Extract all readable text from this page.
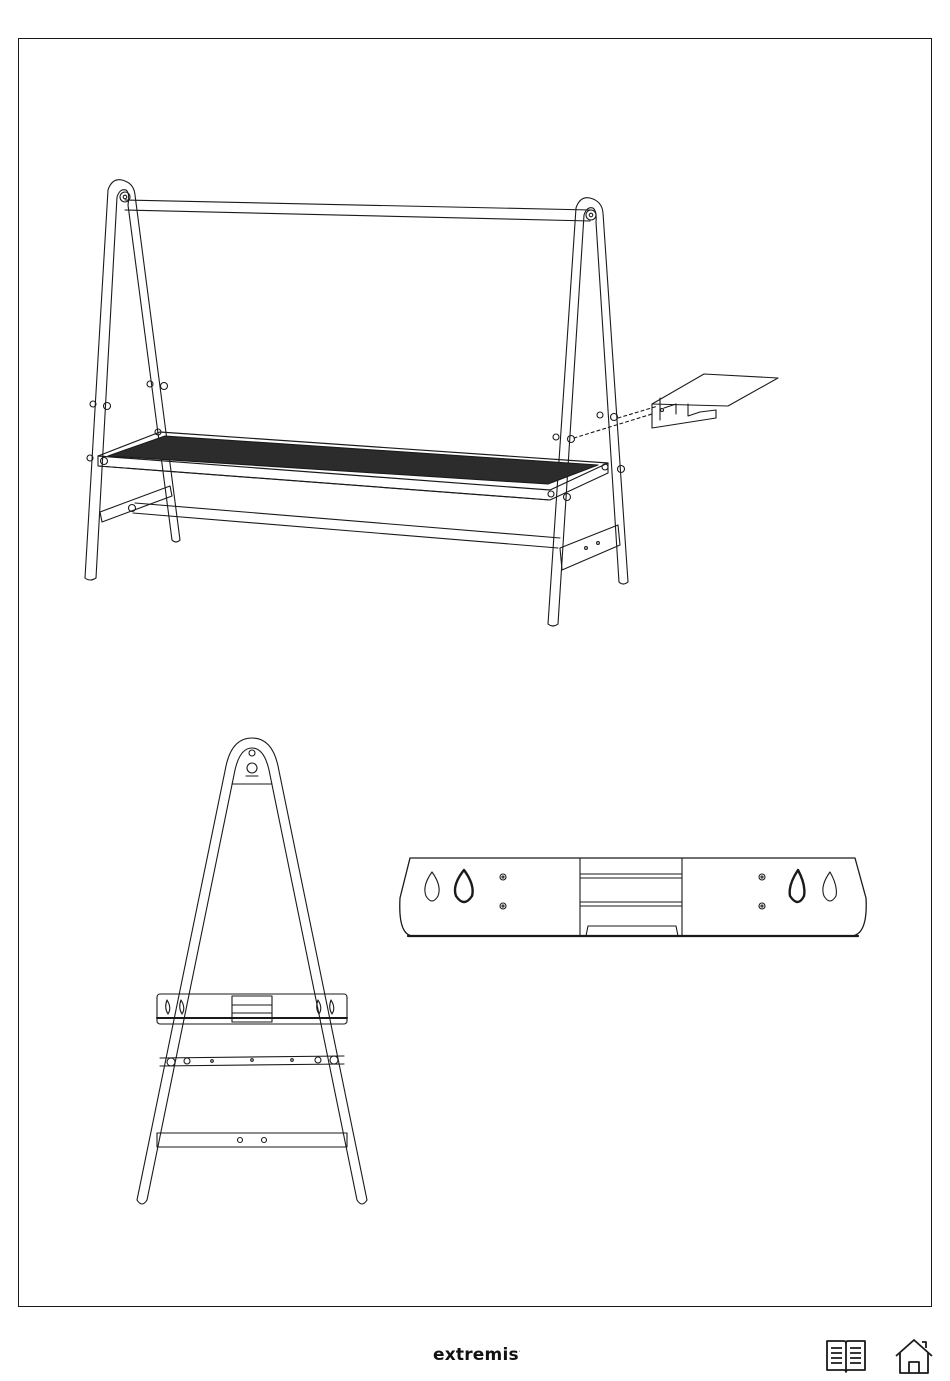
extremis·
